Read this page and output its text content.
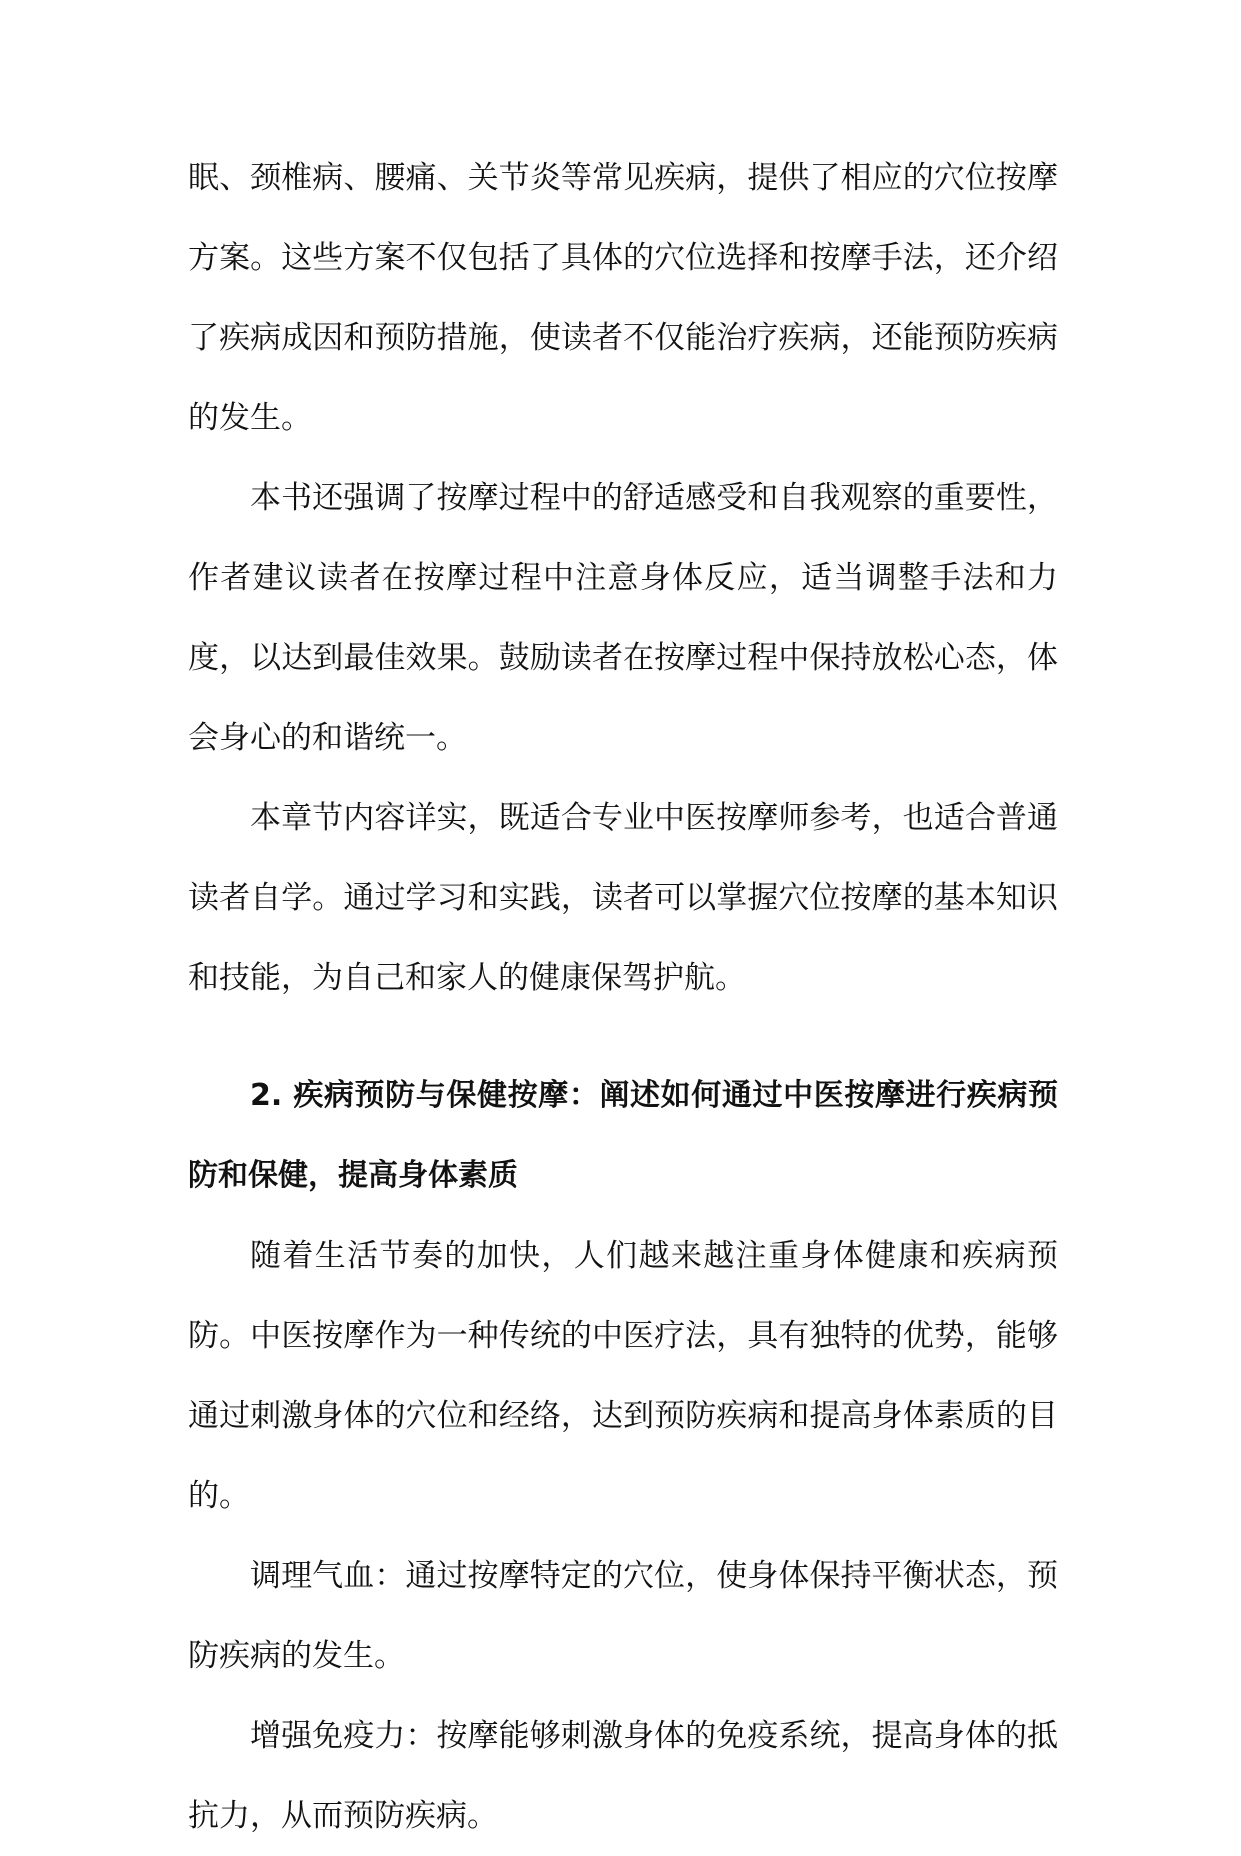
眠、颈椎病、腰痛、关节炎等常见疾病，提供了相应的穴位按摩方案。这些方案不仅包括了具体的穴位选择和按摩手法，还介绍了疾病成因和预防措施，使读者不仅能治疗疾病，还能预防疾病的发生。

本书还强调了按摩过程中的舒适感受和自我观察的重要性，作者建议读者在按摩过程中注意身体反应，适当调整手法和力度，以达到最佳效果。鼓励读者在按摩过程中保持放松心态，体会身心的和谐统一。

本章节内容详实，既适合专业中医按摩师参考，也适合普通读者自学。通过学习和实践，读者可以掌握穴位按摩的基本知识和技能，为自己和家人的健康保驾护航。

2. 疾病预防与保健按摩：阐述如何通过中医按摩进行疾病预防和保健，提高身体素质

随着生活节奏的加快，人们越来越注重身体健康和疾病预防。中医按摩作为一种传统的中医疗法，具有独特的优势，能够通过刺激身体的穴位和经络，达到预防疾病和提高身体素质的目的。

调理气血：通过按摩特定的穴位，使身体保持平衡状态，预防疾病的发生。

增强免疫力：按摩能够刺激身体的免疫系统，提高身体的抵抗力，从而预防疾病。
